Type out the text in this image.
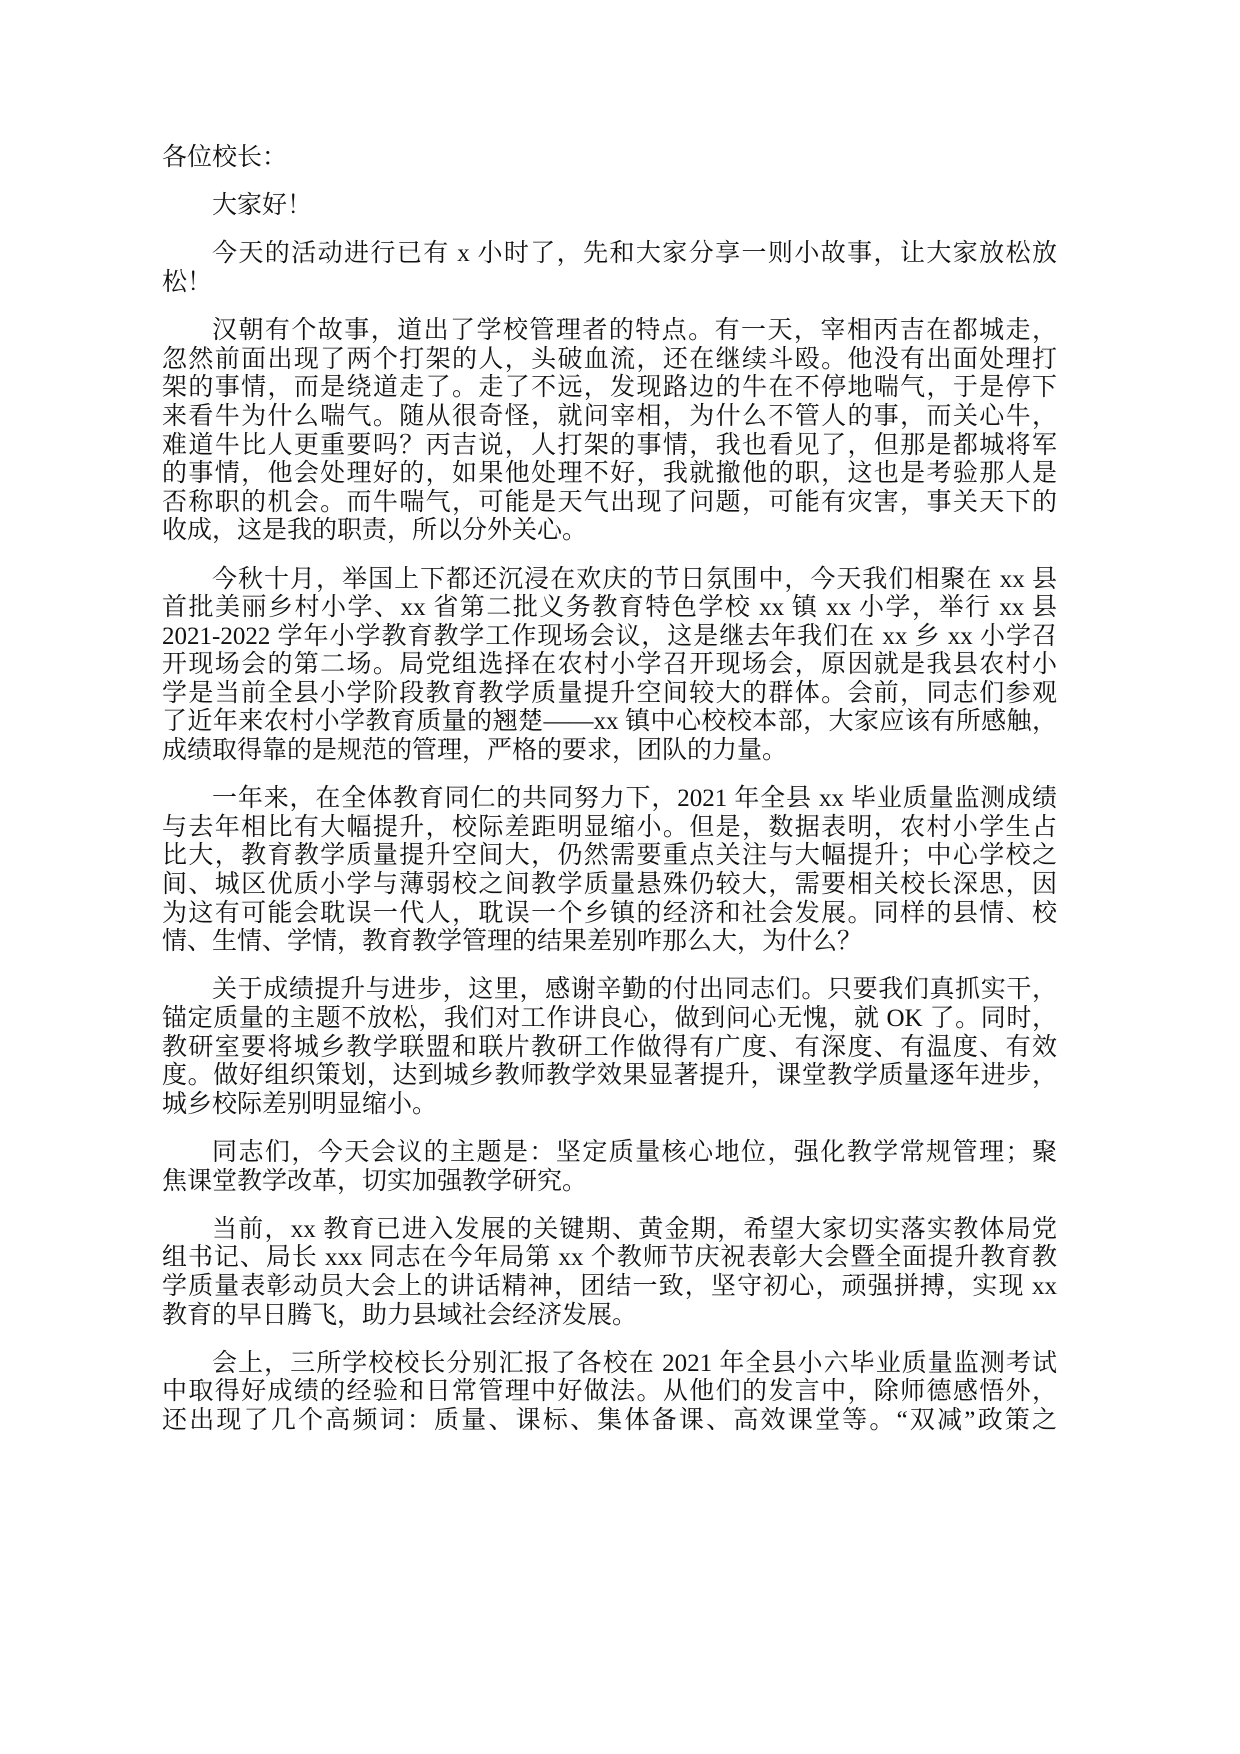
各位校长：
大家好！
今天的活动进行已有 x 小时了，先和大家分享一则小故事，让大家放松放
松！
汉朝有个故事，道出了学校管理者的特点。有一天，宰相丙吉在都城走，
忽然前面出现了两个打架的人，头破血流，还在继续斗殴。他没有出面处理打
架的事情，而是绕道走了。走了不远，发现路边的牛在不停地喘气，于是停下
来看牛为什么喘气。随从很奇怪，就问宰相，为什么不管人的事，而关心牛，
难道牛比人更重要吗？丙吉说，人打架的事情，我也看见了，但那是都城将军
的事情，他会处理好的，如果他处理不好，我就撤他的职，这也是考验那人是
否称职的机会。而牛喘气，可能是天气出现了问题，可能有灾害，事关天下的
收成，这是我的职责，所以分外关心。
今秋十月，举国上下都还沉浸在欢庆的节日氛围中，今天我们相聚在 xx 县
首批美丽乡村小学、xx 省第二批义务教育特色学校 xx 镇 xx 小学，举行 xx 县
2021-2022 学年小学教育教学工作现场会议，这是继去年我们在 xx 乡 xx 小学召
开现场会的第二场。局党组选择在农村小学召开现场会，原因就是我县农村小
学是当前全县小学阶段教育教学质量提升空间较大的群体。会前，同志们参观
了近年来农村小学教育质量的翘楚——xx 镇中心校校本部，大家应该有所感触，
成绩取得靠的是规范的管理，严格的要求，团队的力量。
一年来，在全体教育同仁的共同努力下，2021 年全县 xx 毕业质量监测成绩
与去年相比有大幅提升，校际差距明显缩小。但是，数据表明，农村小学生占
比大，教育教学质量提升空间大，仍然需要重点关注与大幅提升；中心学校之
间、城区优质小学与薄弱校之间教学质量悬殊仍较大，需要相关校长深思，因
为这有可能会耽误一代人，耽误一个乡镇的经济和社会发展。同样的县情、校
情、生情、学情，教育教学管理的结果差别咋那么大，为什么？
关于成绩提升与进步，这里，感谢辛勤的付出同志们。只要我们真抓实干，
锚定质量的主题不放松，我们对工作讲良心，做到问心无愧，就 OK 了。同时，
教研室要将城乡教学联盟和联片教研工作做得有广度、有深度、有温度、有效
度。做好组织策划，达到城乡教师教学效果显著提升，课堂教学质量逐年进步，
城乡校际差别明显缩小。
同志们，今天会议的主题是：坚定质量核心地位，强化教学常规管理；聚
焦课堂教学改革，切实加强教学研究。
当前，xx 教育已进入发展的关键期、黄金期，希望大家切实落实教体局党
组书记、局长 xxx 同志在今年局第 xx 个教师节庆祝表彰大会暨全面提升教育教
学质量表彰动员大会上的讲话精神，团结一致，坚守初心，顽强拼搏，实现 xx
教育的早日腾飞，助力县域社会经济发展。
会上，三所学校校长分别汇报了各校在 2021 年全县小六毕业质量监测考试
中取得好成绩的经验和日常管理中好做法。从他们的发言中，除师德感悟外，
还出现了几个高频词：质量、课标、集体备课、高效课堂等。“双减”政策之
